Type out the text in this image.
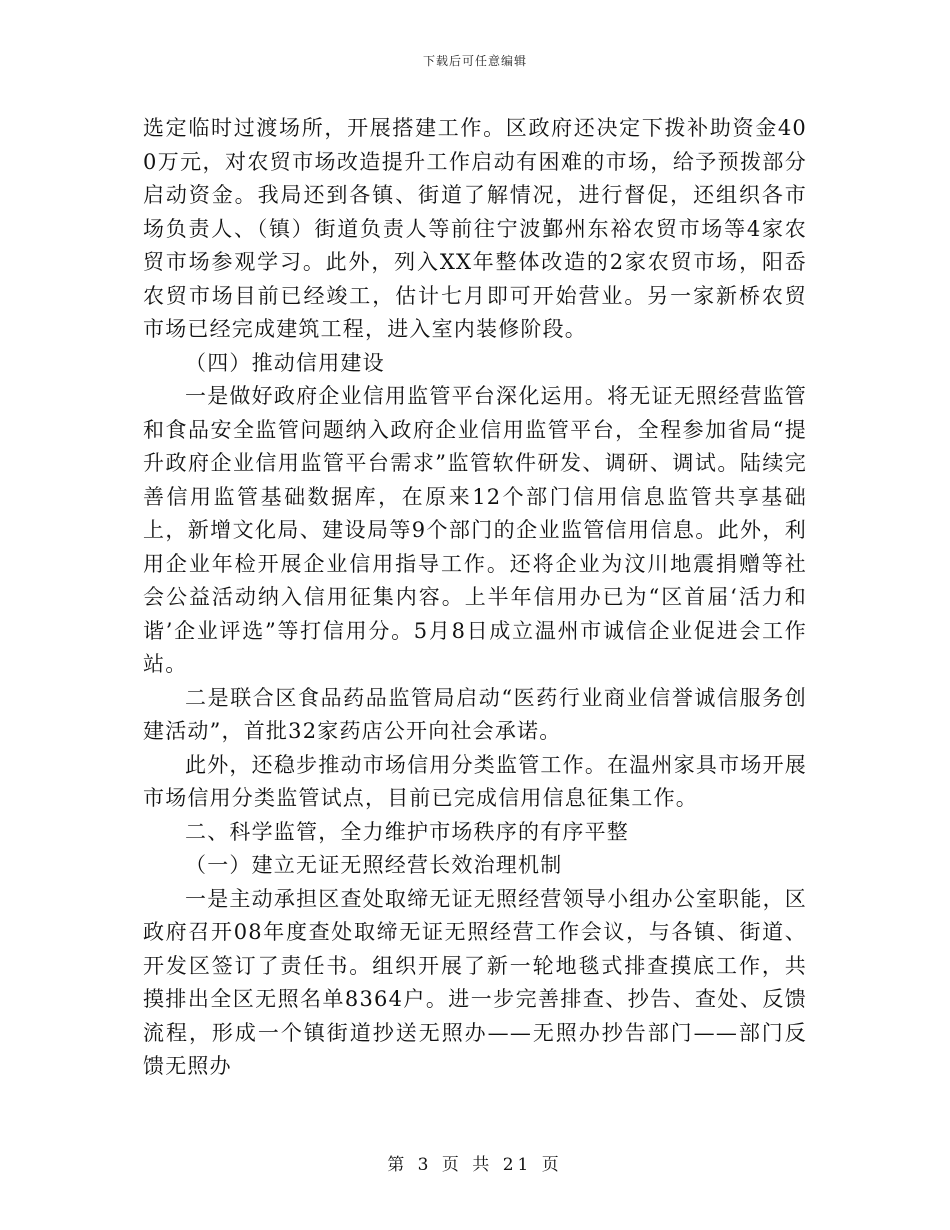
下载后可任意编辑

选定临时过渡场所，开展搭建工作。区政府还决定下拨补助资金400万元，对农贸市场改造提升工作启动有困难的市场，给予预拨部分启动资金。我局还到各镇、街道了解情况，进行督促，还组织各市场负责人、（镇）街道负责人等前往宁波鄞州东裕农贸市场等4家农贸市场参观学习。此外，列入XX年整体改造的2家农贸市场，阳岙农贸市场目前已经竣工，估计七月即可开始营业。另一家新桥农贸市场已经完成建筑工程，进入室内装修阶段。

（四）推动信用建设

一是做好政府企业信用监管平台深化运用。将无证无照经营监管和食品安全监管问题纳入政府企业信用监管平台，全程参加省局“提升政府企业信用监管平台需求”监管软件研发、调研、调试。陆续完善信用监管基础数据库，在原来12个部门信用信息监管共享基础上，新增文化局、建设局等9个部门的企业监管信用信息。此外，利用企业年检开展企业信用指导工作。还将企业为汶川地震捐赠等社会公益活动纳入信用征集内容。上半年信用办已为“区首届‘活力和谐’企业评选”等打信用分。5月8日成立温州市诚信企业促进会工作站。

二是联合区食品药品监管局启动“医药行业商业信誉诚信服务创建活动”，首批32家药店公开向社会承诺。

此外，还稳步推动市场信用分类监管工作。在温州家具市场开展市场信用分类监管试点，目前已完成信用信息征集工作。

二、科学监管，全力维护市场秩序的有序平整

（一）建立无证无照经营长效治理机制

一是主动承担区查处取缔无证无照经营领导小组办公室职能，区政府召开08年度查处取缔无证无照经营工作会议，与各镇、街道、开发区签订了责任书。组织开展了新一轮地毯式排查摸底工作，共摸排出全区无照名单8364户。进一步完善排查、抄告、查处、反馈流程，形成一个镇街道抄送无照办——无照办抄告部门——部门反馈无照办

第 3 页 共 21 页
